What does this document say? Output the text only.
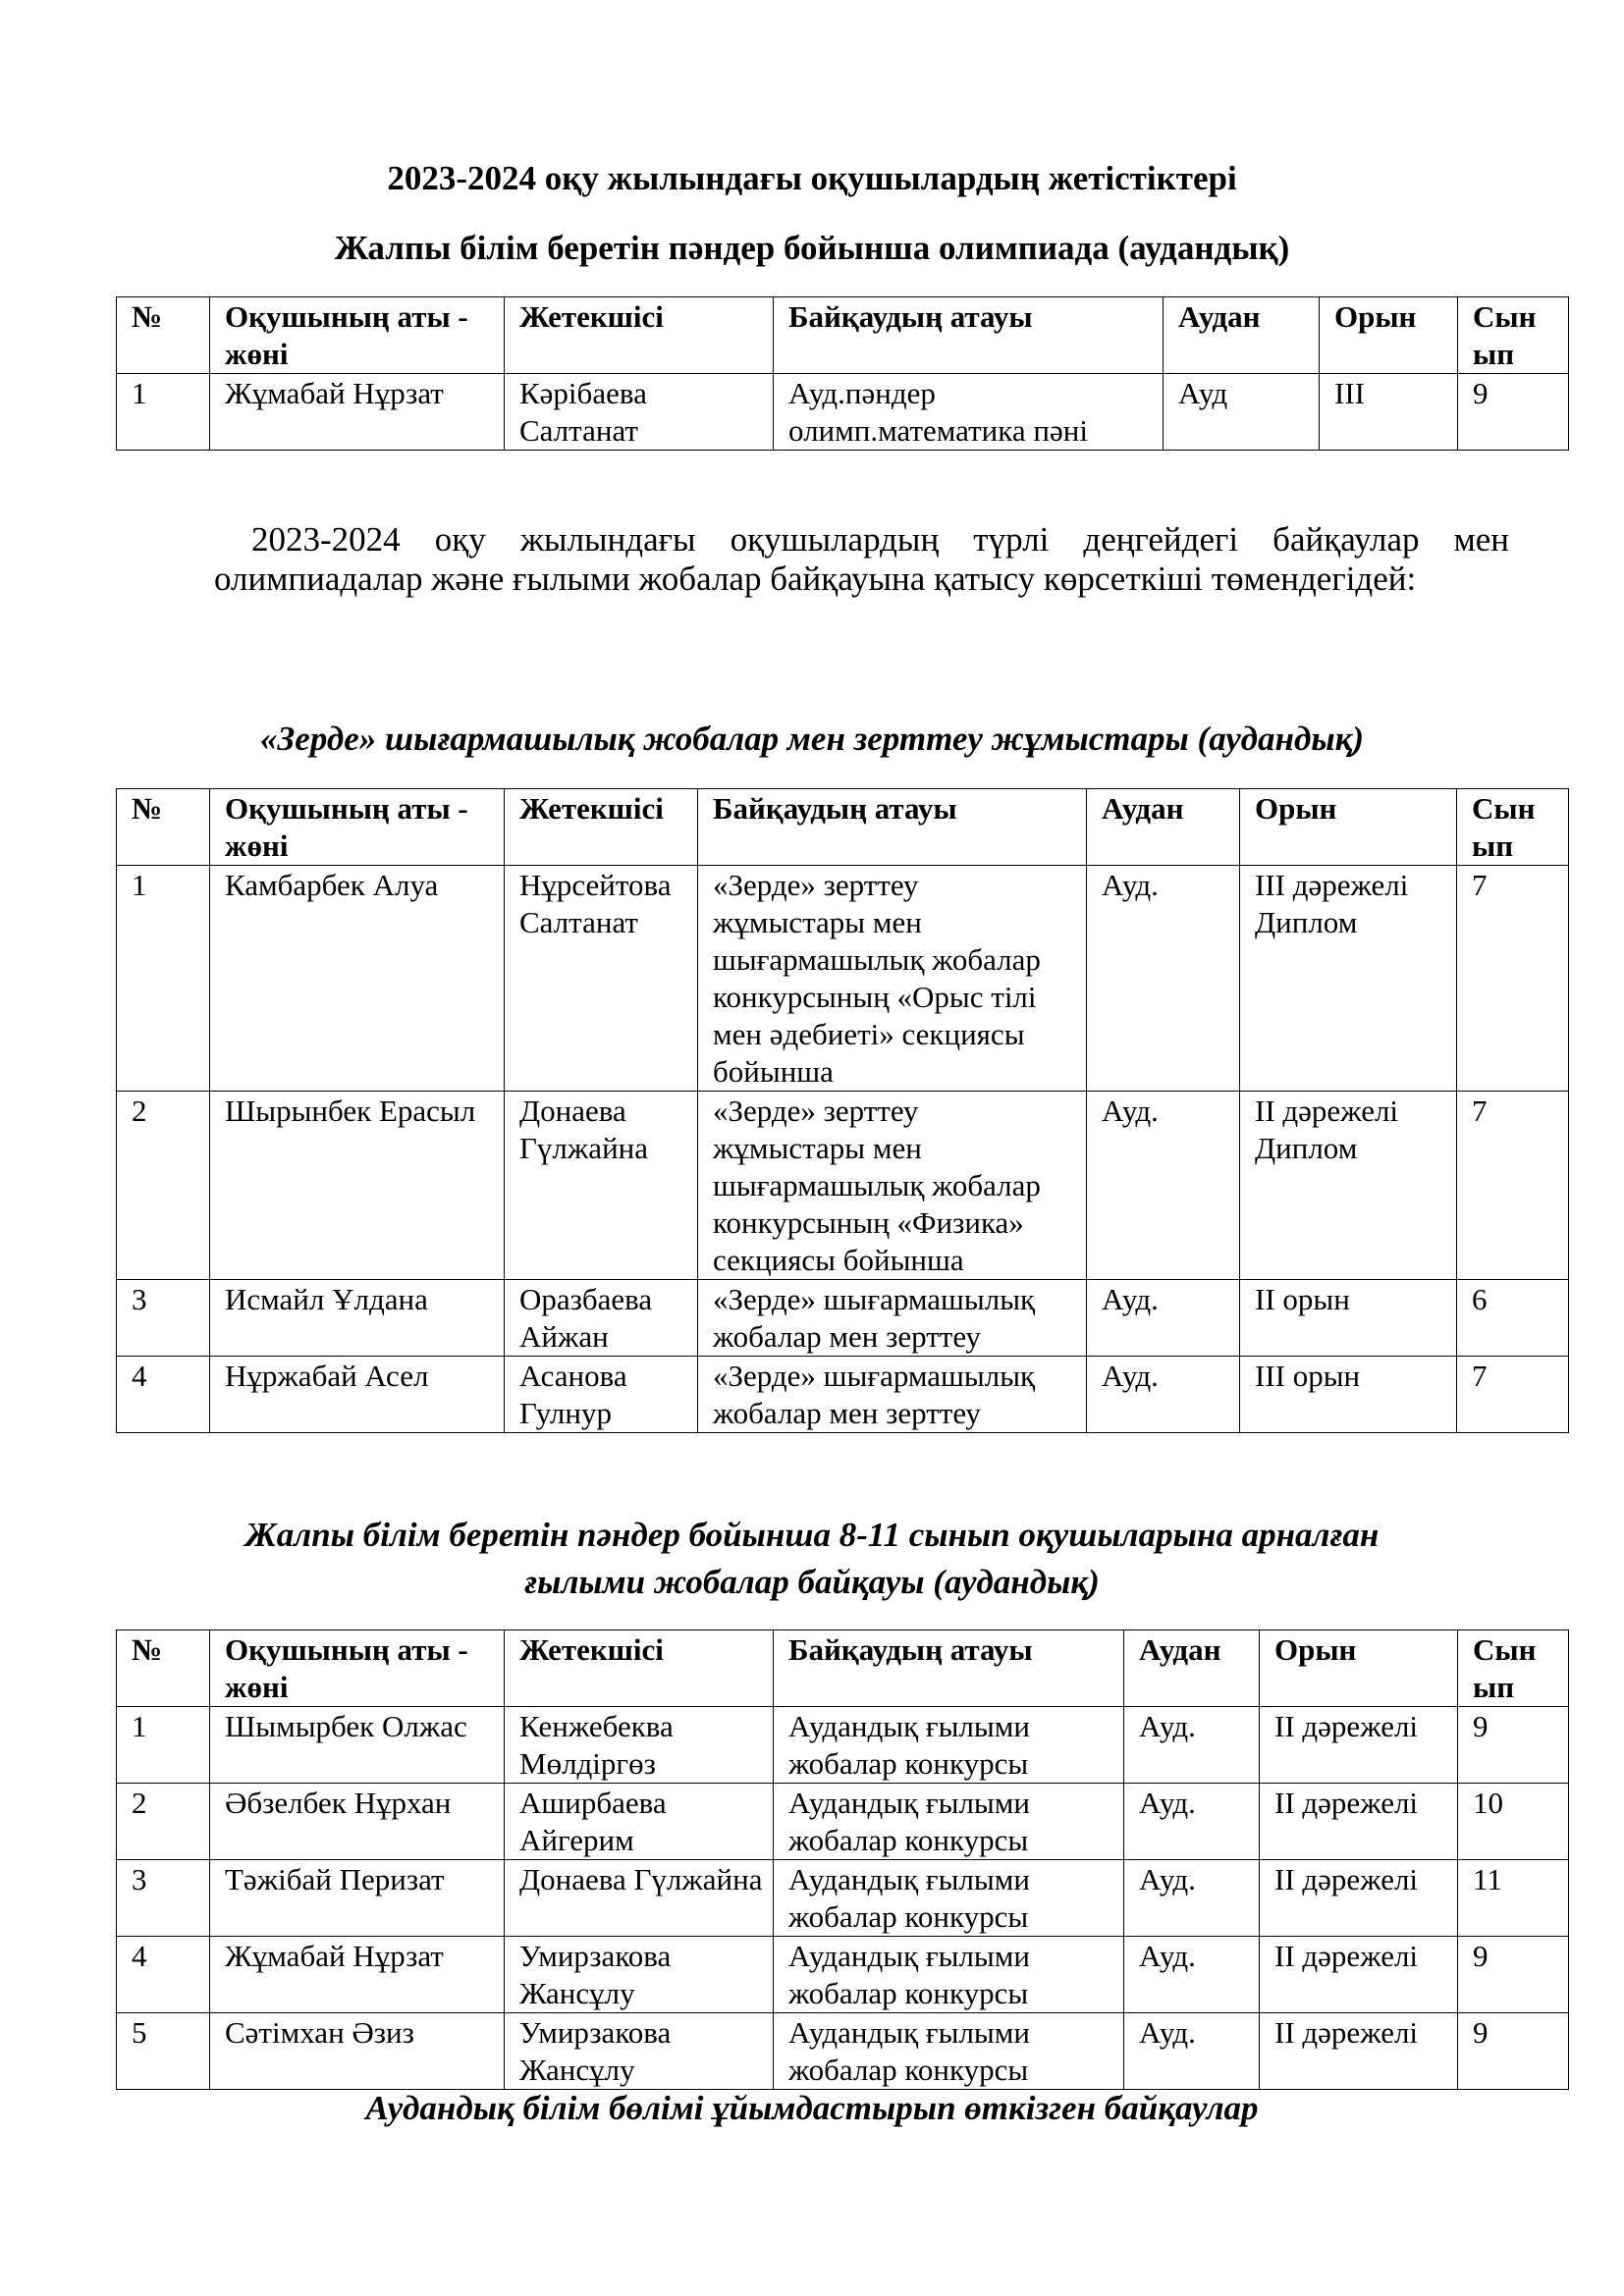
2023-2024 оқу жылындағы оқушылардың жетістіктері
Жалпы білім беретін пәндер бойынша олимпиада (аудандық)
№	Оқушының аты - жөні	Жетекшісі	Байқаудың атауы	Аудан	Орын	Сын ып
1	Жұмабай Нұрзат	Кәрібаева Салтанат	Ауд.пәндер олимп.математика пәні	Ауд	III	9
2023-2024 оқу жылындағы оқушылардың түрлі деңгейдегі байқаулар мен олимпиадалар және ғылыми жобалар байқауына қатысу көрсеткіші төмендегідей:
«Зерде» шығармашылық жобалар мен зерттеу жұмыстары (аудандық)
№	Оқушының аты - жөні	Жетекшісі	Байқаудың атауы	Аудан	Орын	Сын ып
1	Камбарбек Алуа	Нұрсейтова Салтанат	«Зерде» зерттеу жұмыстары мен шығармашылық жобалар конкурсының «Орыс тілі мен әдебиеті» секциясы бойынша	Ауд.	III дәрежелі Диплом	7
2	Шырынбек Ерасыл	Донаева Гүлжайна	«Зерде» зерттеу жұмыстары мен шығармашылық жобалар конкурсының «Физика» секциясы бойынша	Ауд.	II дәрежелі Диплом	7
3	Исмайл Ұлдана	Оразбаева Айжан	«Зерде» шығармашылық жобалар мен зерттеу	Ауд.	II орын	6
4	Нұржабай Асел	Асанова Гулнур	«Зерде» шығармашылық жобалар мен зерттеу	Ауд.	III орын	7
Жалпы білім беретін пәндер бойынша 8-11 сынып оқушыларына арналған
ғылыми жобалар байқауы (аудандық)
№	Оқушының аты - жөні	Жетекшісі	Байқаудың атауы	Аудан	Орын	Сын ып
1	Шымырбек Олжас	Кенжебеква Мөлдіргөз	Аудандық ғылыми жобалар конкурсы	Ауд.	II дәрежелі	9
2	Әбзелбек Нұрхан	Аширбаева Айгерим	Аудандық ғылыми жобалар конкурсы	Ауд.	II дәрежелі	10
3	Тәжібай Перизат	Донаева Гүлжайна	Аудандық ғылыми жобалар конкурсы	Ауд.	II дәрежелі	11
4	Жұмабай Нұрзат	Умирзакова Жансұлу	Аудандық ғылыми жобалар конкурсы	Ауд.	II дәрежелі	9
5	Сәтімхан Әзиз	Умирзакова Жансұлу	Аудандық ғылыми жобалар конкурсы	Ауд.	II дәрежелі	9
Аудандық білім бөлімі ұйымдастырып өткізген байқаулар
